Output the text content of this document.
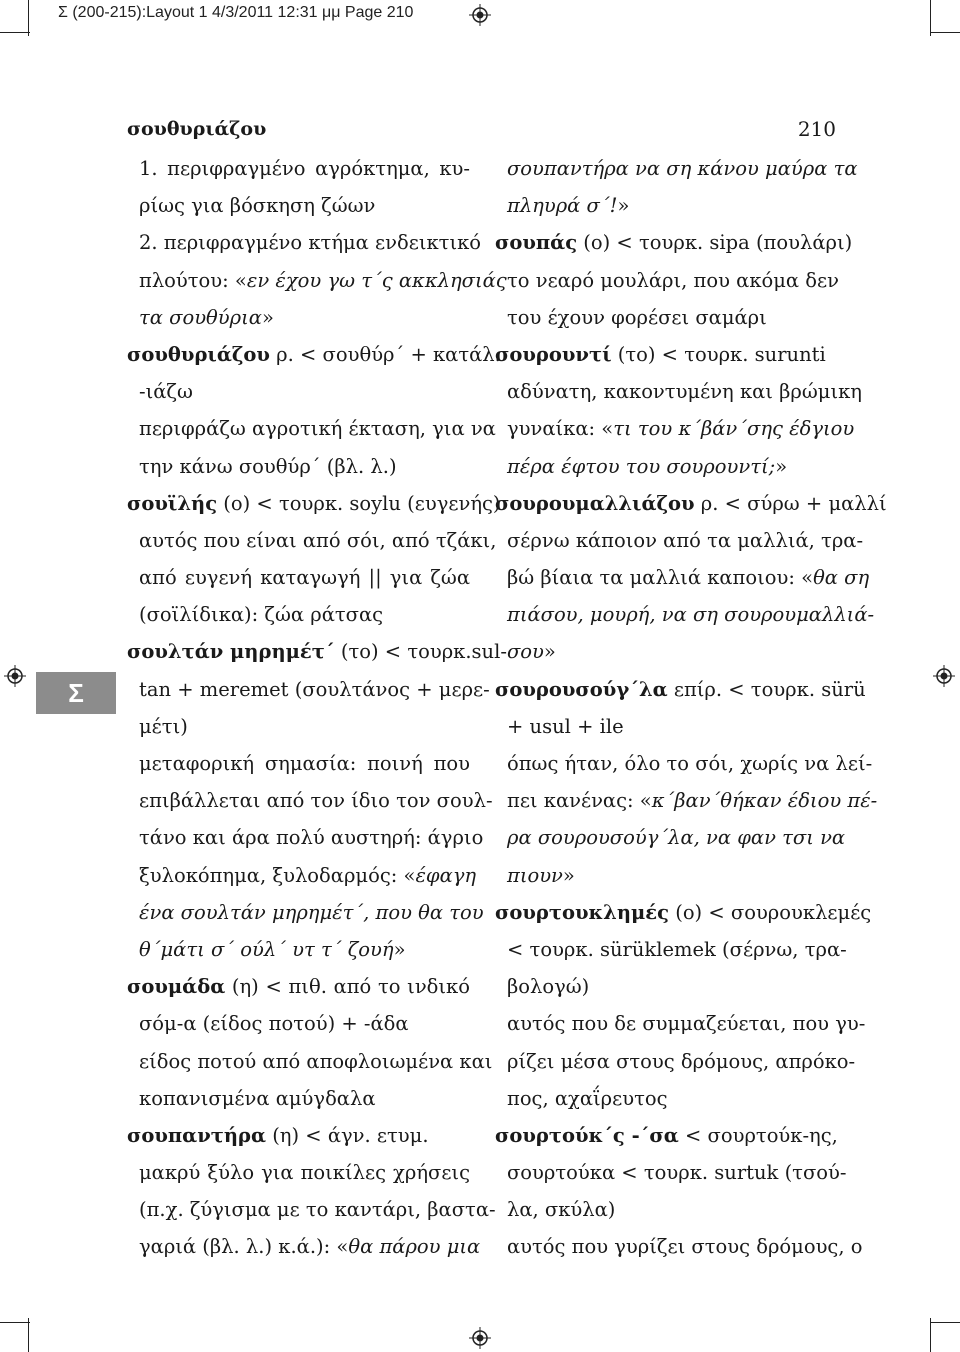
Σ (200-215):Layout 1 4/3/2011 12:31 μμ Page 210
Σ
σουθυριάζου	210
1. περιφραγμένο αγρόκτημα, κυ-
ρίως για βόσκηση ζώων
2. περιφραγμένο κτήμα ενδεικτικό
πλούτου: «εν έχου γω τ΄ς ακκλησιάς
τα σουθύρια»
σουθυριάζου ρ. < σουθύρ΄ + κατάλ.
-ιάζω
περιφράζω αγροτική έκταση, για να
την κάνω σουθύρ΄ (βλ. λ.)
σουϊλής (ο) < τουρκ. soylu (ευγενής)
αυτός που είναι από σόι, από τζάκι,
από ευγενή καταγωγή || για ζώα
(σοϊλίδικα): ζώα ράτσας
σουλτάν μηρημέτ΄ (το) < τουρκ.sul-
tan + meremet (σουλτάνος + μερε-
μέτι)
μεταφορική σημασία: ποινή που
επιβάλλεται από τον ίδιο τον σουλ-
τάνο και άρα πολύ αυστηρή: άγριο
ξυλοκόπημα, ξυλοδαρμός: «έφαγη
ένα σουλτάν μηρημέτ΄, που θα του
θ΄μάτι σ΄ ούλ΄ υτ τ΄ ζουή»
σουμάδα (η) < πιθ. από το ινδικό
σόμ-α (είδος ποτού) + -άδα
είδος ποτού από αποφλοιωμένα και
κοπανισμένα αμύγδαλα
σουπαντήρα (η) < άγν. ετυμ.
μακρύ ξύλο για ποικίλες χρήσεις
(π.χ. ζύγισμα με το καντάρι, βαστα-
γαριά (βλ. λ.) κ.ά.): «θα πάρου μια
σουπαντήρα να ση κάνου μαύρα τα
πληυρά σ΄!»
σουπάς (ο) < τουρκ. sipa (πουλάρι)
το νεαρό μουλάρι, που ακόμα δεν
του έχουν φορέσει σαμάρι
σουρουντί (το) < τουρκ. surunti
αδύνατη, κακοντυμένη και βρώμικη
γυναίκα: «τι του κ΄βάν΄σης έδγιου
πέρα έφτου του σουρουντί;»
σουρουμαλλιάζου ρ. < σύρω + μαλλί
σέρνω κάποιον από τα μαλλιά, τρα-
βώ βίαια τα μαλλιά καποιου: «θα ση
πιάσου, μουρή, να ση σουρουμαλλιά-
σου»
σουρουσούγ΄λα επίρ. < τουρκ. sürü
+ usul + ile
όπως ήταν, όλο το σόι, χωρίς να λεί-
πει κανένας: «κ΄βαν΄θήκαν έδιου πέ-
ρα σουρουσούγ΄λα, να φαν τσι να
πιουν»
σουρτουκλημές (ο) < σουρουκλεμές
< τουρκ. sürüklemek (σέρνω, τρα-
βολογώ)
αυτός που δε συμμαζεύεται, που γυ-
ρίζει μέσα στους δρόμους, απρόκο-
πος, αχαΐρευτος
σουρτούκ΄ς -΄σα < σουρτούκ-ης,
σουρτούκα < τουρκ. surtuk (τσού-
λα, σκύλα)
αυτός που γυρίζει στους δρόμους, ο
